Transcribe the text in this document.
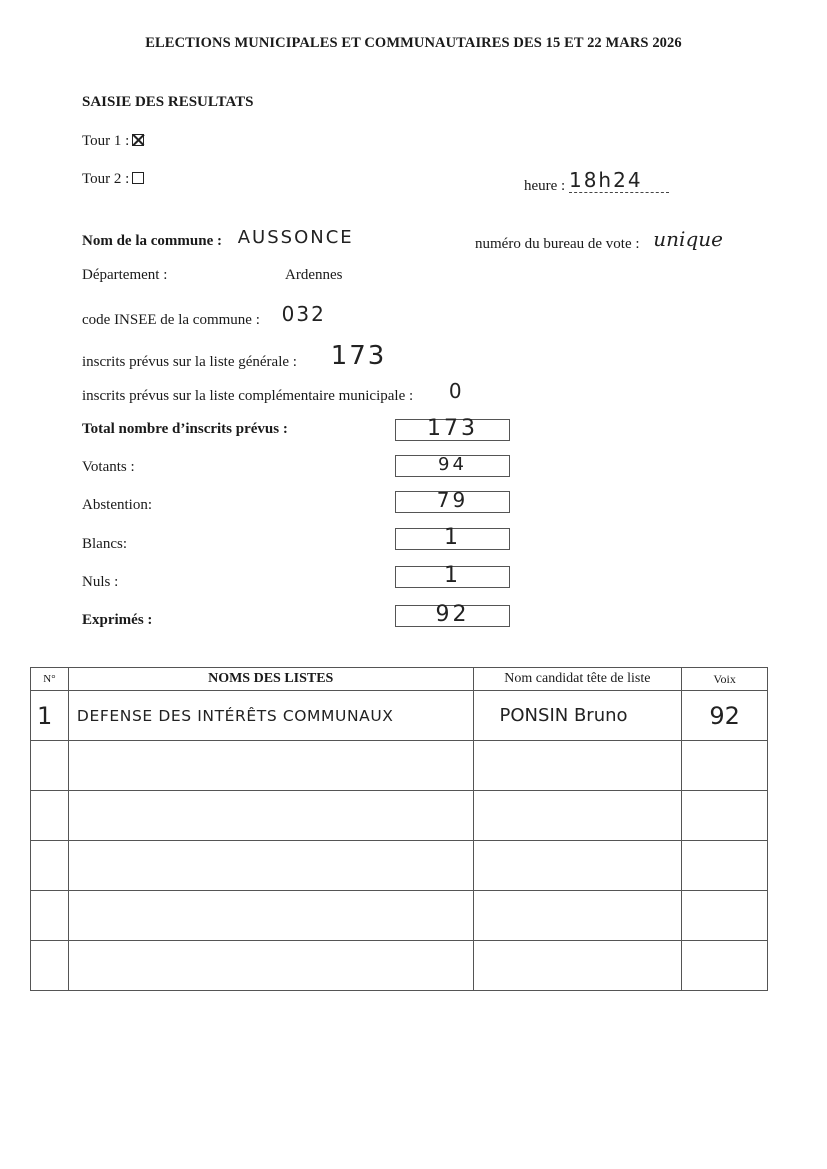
ELECTIONS MUNICIPALES ET COMMUNAUTAIRES DES 15 ET 22 MARS 2026
SAISIE DES RESULTATS
Tour 1 :
Tour 2 :	heure : 18h24
Nom de la commune : AUSSONCE	numéro du bureau de vote : unique
Département :	Ardennes
code INSEE de la commune : 032
inscrits prévus sur la liste générale : 173
inscrits prévus sur la liste complémentaire municipale : 0
Total nombre d’inscrits prévus :	173
Votants :	94
Abstention:	79
Blancs:	1
Nuls :	1
Exprimés :	92
N°	NOMS DES LISTES	Nom candidat tête de liste	Voix
1	DEFENSE DES INTÉRÊTS COMMUNAUX	PONSIN Bruno	92
